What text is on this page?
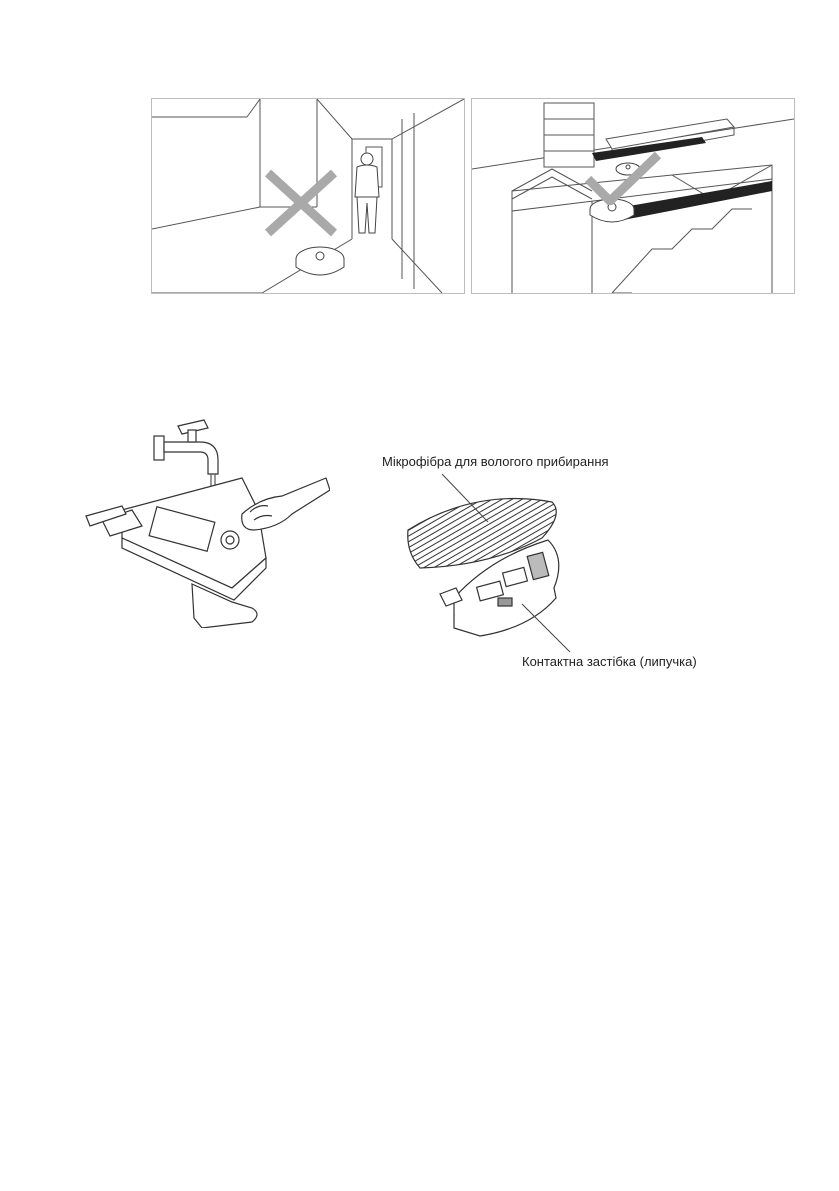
Мікрофібра для вологого прибирання
Контактна застібка (липучка)
